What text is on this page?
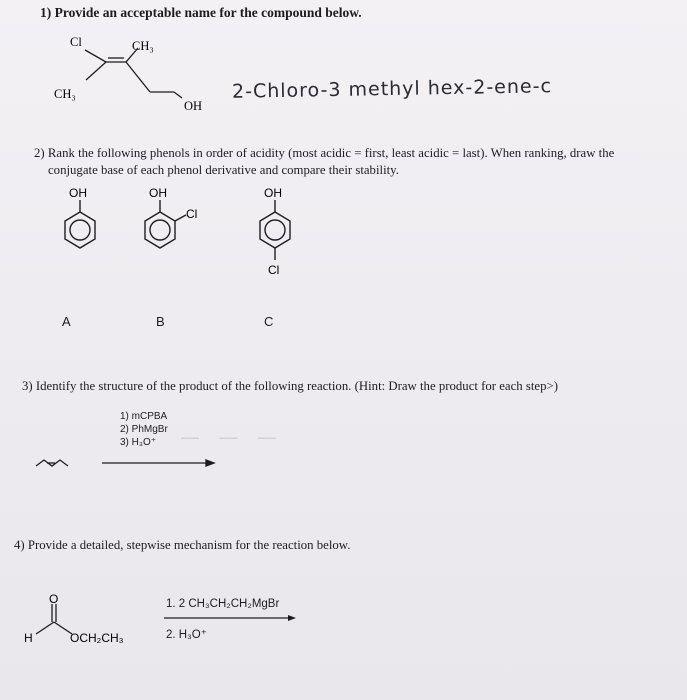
— — —
1) Provide an acceptable name for the compound below.
Cl	CH₃
CH₃
OH
2-Chloro-3 methyl hex-2-ene-c
2) Rank the following phenols in order of acidity (most acidic = first, least acidic = last). When ranking, draw the
conjugate base of each phenol derivative and compare their stability.
OH	OH
Cl
OH
Cl
A	B	C
3) Identify the structure of the product of the following reaction. (Hint: Draw the product for each step>)
1) mCPBA
2) PhMgBr
3) H₃O⁺
4) Provide a detailed, stepwise mechanism for the reaction below.
O
H	OCH₂CH₃
1. 2 CH₃CH₂CH₂MgBr
2. H₃O⁺
